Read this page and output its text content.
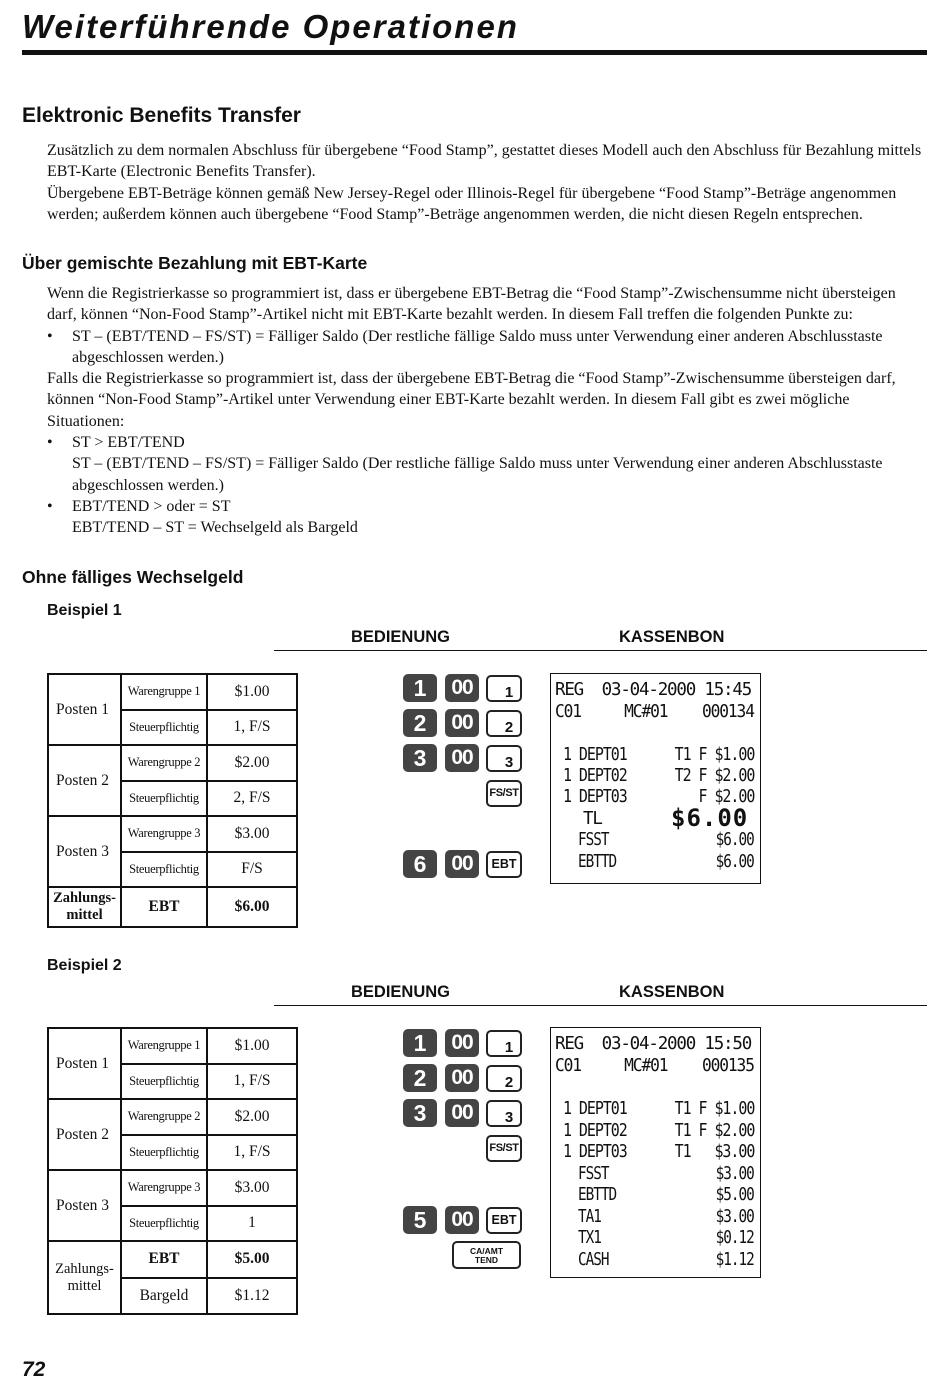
Weiterführende Operationen
Elektronic Benefits Transfer

Zusätzlich zu dem normalen Abschluss für übergebene “Food Stamp”, gestattet dieses Modell auch den Abschluss für Bezahlung mittels EBT-Karte (Electronic Benefits Transfer).

Übergebene EBT-Beträge können gemäß New Jersey-Regel oder Illinois-Regel für übergebene “Food Stamp”-Beträge angenommen werden; außerdem können auch übergebene “Food Stamp”-Beträge angenommen werden, die nicht diesen Regeln entsprechen.

Über gemischte Bezahlung mit EBT-Karte

Wenn die Registrierkasse so programmiert ist, dass er übergebene EBT-Betrag die “Food Stamp”-Zwischensumme nicht übersteigen darf, können “Non-Food Stamp”-Artikel nicht mit EBT-Karte bezahlt werden. In diesem Fall treffen die folgenden Punkte zu:

• ST – (EBT/TEND – FS/ST) = Fälliger Saldo (Der restliche fällige Saldo muss unter Verwendung einer anderen Abschlusstaste abgeschlossen werden.)

Falls die Registrierkasse so programmiert ist, dass der übergebene EBT-Betrag die “Food Stamp”-Zwischensumme übersteigen darf, können “Non-Food Stamp”-Artikel unter Verwendung einer EBT-Karte bezahlt werden. In diesem Fall gibt es zwei mögliche Situationen:

• ST > EBT/TEND

ST – (EBT/TEND – FS/ST) = Fälliger Saldo (Der restliche fällige Saldo muss unter Verwendung einer anderen Abschlusstaste abgeschlossen werden.)

• EBT/TEND > oder = ST

EBT/TEND – ST = Wechselgeld als Bargeld

Ohne fälliges Wechselgeld
Beispiel 1
BEDIENUNG	KASSENBON
Posten 1	Warengruppe 1	$1.00
	Steuerpflichtig	1, F/S
Posten 2	Warengruppe 2	$2.00
	Steuerpflichtig	2, F/S
Posten 3	Warengruppe 3	$3.00
	Steuerpflichtig	F/S
Zahlungs-
mittel	EBT	$6.00
1	00	1
2	00	2
3	00	3
FS/ST
6	00	EBT
REG  03-04-2000 15:45
C01     MC#01    000134
1 DEPT01      T1 F $1.00
1 DEPT02      T2 F $2.00
1 DEPT03         F $2.00
TL	$6.00
FSST              $6.00
EBTTD             $6.00
Beispiel 2
BEDIENUNG	KASSENBON
Posten 1	Warengruppe 1	$1.00
	Steuerpflichtig	1, F/S
Posten 2	Warengruppe 2	$2.00
	Steuerpflichtig	1, F/S
Posten 3	Warengruppe 3	$3.00
	Steuerpflichtig	1
Zahlungs-
mittel	EBT	$5.00
	Bargeld	$1.12
1	00	1
2	00	2
3	00	3
FS/ST
5	00	EBT
CA/AMT
TEND
REG  03-04-2000 15:50
C01     MC#01    000135
1 DEPT01      T1 F $1.00
1 DEPT02      T1 F $2.00
1 DEPT03      T1   $3.00
FSST              $3.00
EBTTD             $5.00
TA1               $3.00
TX1               $0.12
CASH              $1.12
72
